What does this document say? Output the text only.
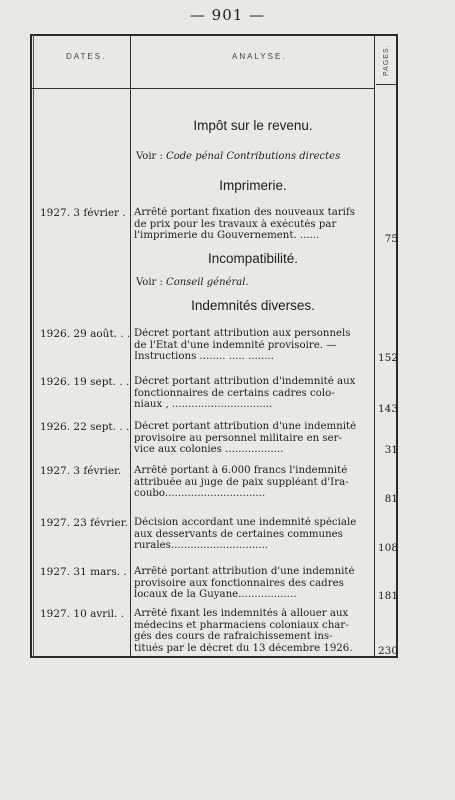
— 901 —
DATES.	ANALYSE.	PAGES.
Impôt sur le revenu.
Voir : Code pénal Contributions directes
Imprimerie.
1927. 3 février . Arrêté portant fixation des nouveaux tarifs
de prix pour les travaux à exécutés par
l'imprimerie du Gouvernement. ......	75
Incompatibilité.
Voir : Conseil général.
Indemnités diverses.
1926. 29 août. . . Décret portant attribution aux personnels
de l'État d'une indemnité provisoire. —
Instructions ........ ..... ........	152
1926. 19 sept. . . Décret portant attribution d'indemnité aux
fonctionnaires de certains cadres colo-
niaux , ...............................	143
1926. 22 sept. . . Décret portant attribution d'une indemnité
provisoire au personnel militaire en ser-
vice aux colonies ..................	31
1927. 3 février. Arrêté portant à 6.000 francs l'indemnité
attribuée au juge de paix suppléant d'Ira-
coubo...............................	81
1927. 23 février. Décision accordant une indemnité spéciale
aux desservants de certaines communes
rurales..............................	108
1927. 31 mars. . Arrêté portant attribution d'une indemnité
provisoire aux fonctionnaires des cadres
locaux de la Guyane..................	181
1927. 10 avril. . Arrêté fixant les indemnités à allouer aux
médecins et pharmaciens coloniaux char-
gés des cours de rafraichissement ins-
titués par le décret du 13 décembre 1926.	230
